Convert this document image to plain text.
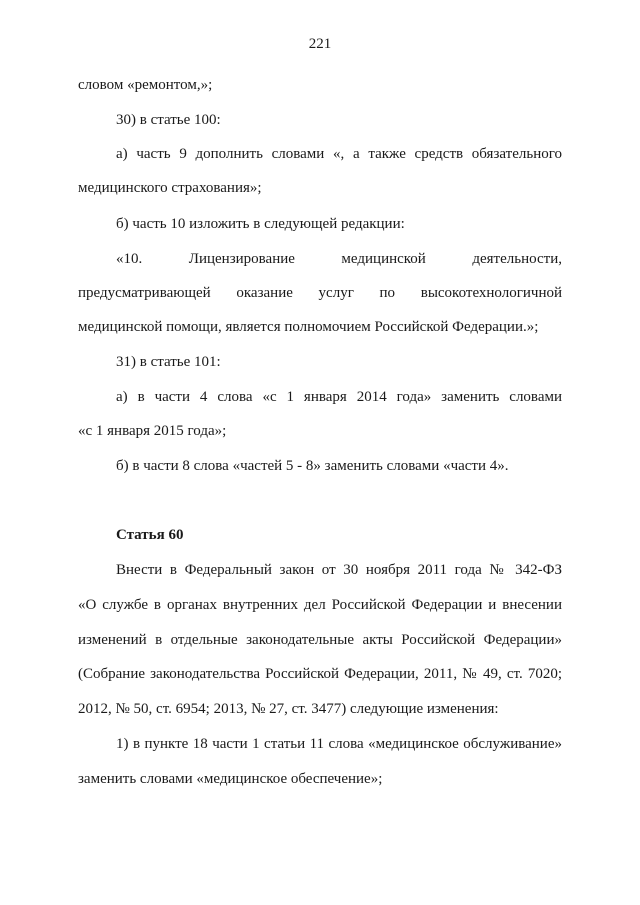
221
словом «ремонтом,»;
30) в статье 100:
а) часть 9 дополнить словами «, а также средств обязательного
медицинского страхования»;
б) часть 10 изложить в следующей редакции:
«10. Лицензирование медицинской деятельности,
предусматривающей оказание услуг по высокотехнологичной
медицинской помощи, является полномочием Российской Федерации.»;
31) в статье 101:
а) в части 4 слова «с 1 января 2014 года» заменить словами
«с 1 января 2015 года»;
б) в части 8 слова «частей 5 - 8» заменить словами «части 4».
Статья 60
Внести в Федеральный закон от 30 ноября 2011 года № 342-ФЗ
«О службе в органах внутренних дел Российской Федерации и внесении
изменений в отдельные законодательные акты Российской Федерации»
(Собрание законодательства Российской Федерации, 2011, № 49, ст. 7020;
2012, № 50, ст. 6954; 2013, № 27, ст. 3477) следующие изменения:
1) в пункте 18 части 1 статьи 11 слова «медицинское обслуживание»
заменить словами «медицинское обеспечение»;
